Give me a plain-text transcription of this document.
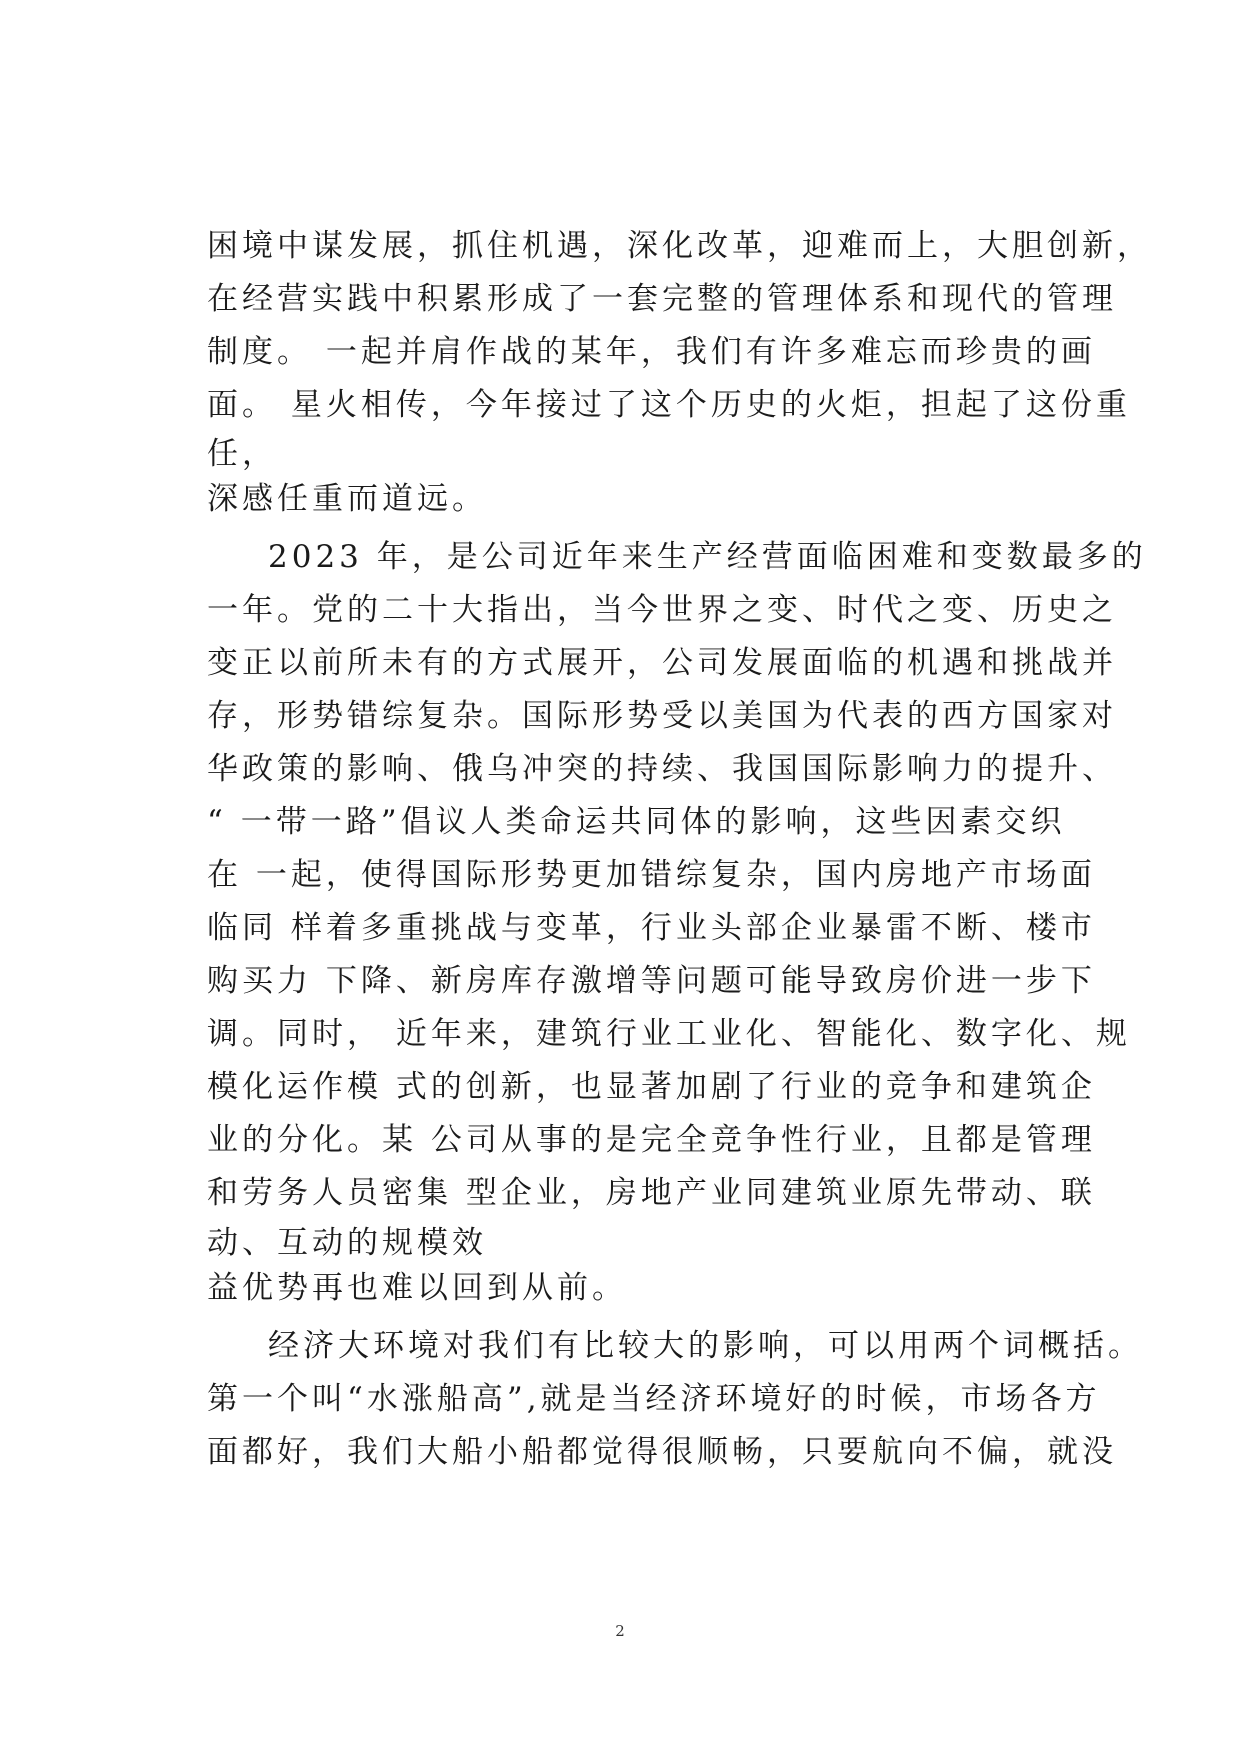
困境中谋发展，抓住机遇，深化改革，迎难而上，大胆创新，
在经营实践中积累形成了一套完整的管理体系和现代的管理
制度。 一起并肩作战的某年，我们有许多难忘而珍贵的画
面。 星火相传，今年接过了这个历史的火炬，担起了这份重
任，
深感任重而道远。
2023 年，是公司近年来生产经营面临困难和变数最多的
一年。党的二十大指出，当今世界之变、时代之变、历史之
变正以前所未有的方式展开，公司发展面临的机遇和挑战并
存，形势错综复杂。国际形势受以美国为代表的西方国家对
华政策的影响、俄乌冲突的持续、我国国际影响力的提升、
“ 一带一路”倡议人类命运共同体的影响，这些因素交织
在 一起，使得国际形势更加错综复杂，国内房地产市场面
临同 样着多重挑战与变革，行业头部企业暴雷不断、楼市
购买力 下降、新房库存激增等问题可能导致房价进一步下
调。同时， 近年来，建筑行业工业化、智能化、数字化、规
模化运作模 式的创新，也显著加剧了行业的竞争和建筑企
业的分化。某 公司从事的是完全竞争性行业，且都是管理
和劳务人员密集 型企业，房地产业同建筑业原先带动、联
动、互动的规模效
益优势再也难以回到从前。
经济大环境对我们有比较大的影响，可以用两个词概括。
第一个叫“水涨船高”,就是当经济环境好的时候，市场各方
面都好，我们大船小船都觉得很顺畅，只要航向不偏，就没
2
